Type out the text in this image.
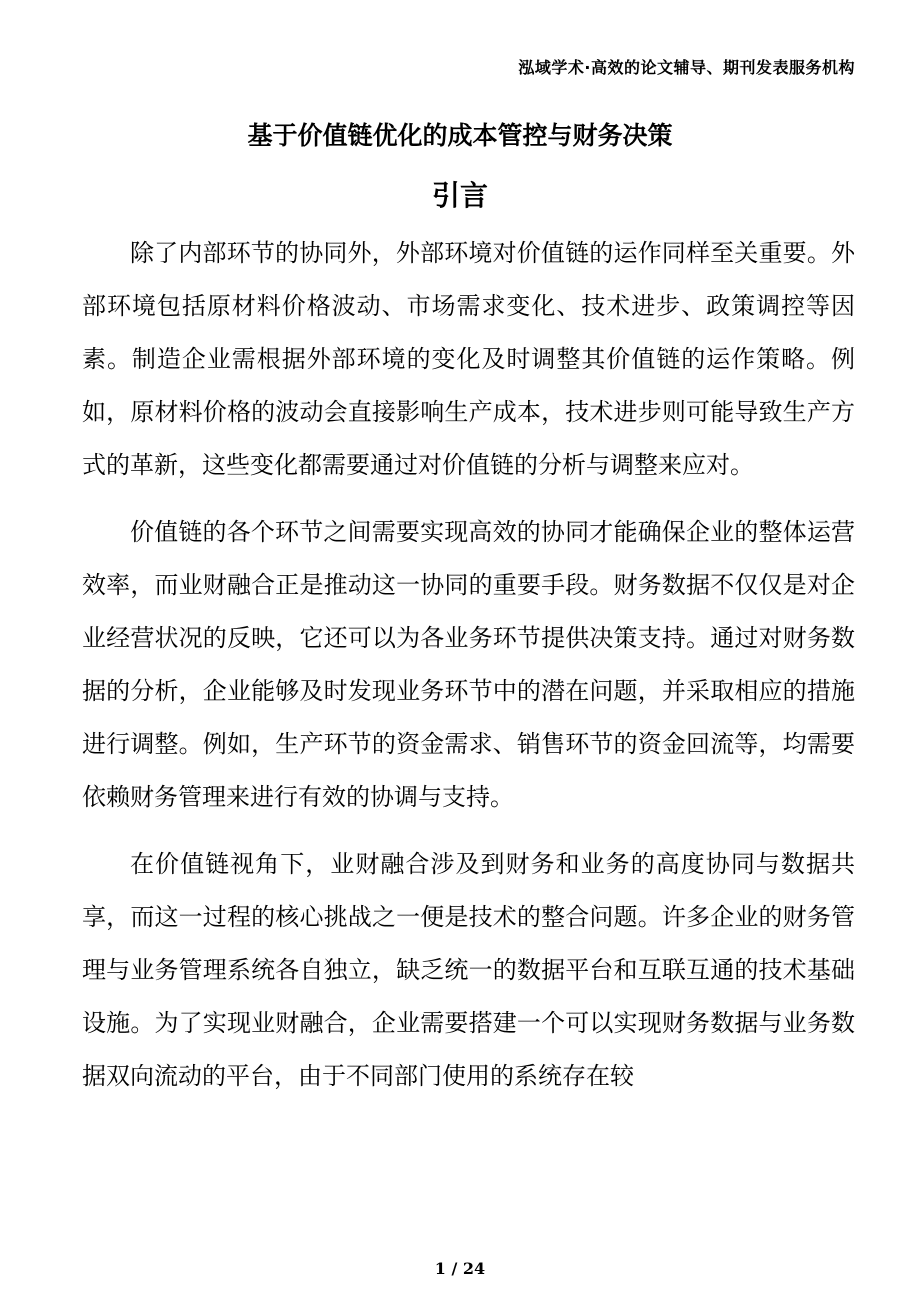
泓域学术·高效的论文辅导、期刊发表服务机构
基于价值链优化的成本管控与财务决策
引言

除了内部环节的协同外，外部环境对价值链的运作同样至关重要。外部环境包括原材料价格波动、市场需求变化、技术进步、政策调控等因素。制造企业需根据外部环境的变化及时调整其价值链的运作策略。例如，原材料价格的波动会直接影响生产成本，技术进步则可能导致生产方式的革新，这些变化都需要通过对价值链的分析与调整来应对。

价值链的各个环节之间需要实现高效的协同才能确保企业的整体运营效率，而业财融合正是推动这一协同的重要手段。财务数据不仅仅是对企业经营状况的反映，它还可以为各业务环节提供决策支持。通过对财务数据的分析，企业能够及时发现业务环节中的潜在问题，并采取相应的措施进行调整。例如，生产环节的资金需求、销售环节的资金回流等，均需要依赖财务管理来进行有效的协调与支持。

在价值链视角下，业财融合涉及到财务和业务的高度协同与数据共享，而这一过程的核心挑战之一便是技术的整合问题。许多企业的财务管理与业务管理系统各自独立，缺乏统一的数据平台和互联互通的技术基础设施。为了实现业财融合，企业需要搭建一个可以实现财务数据与业务数据双向流动的平台，由于不同部门使用的系统存在较

1 / 24
